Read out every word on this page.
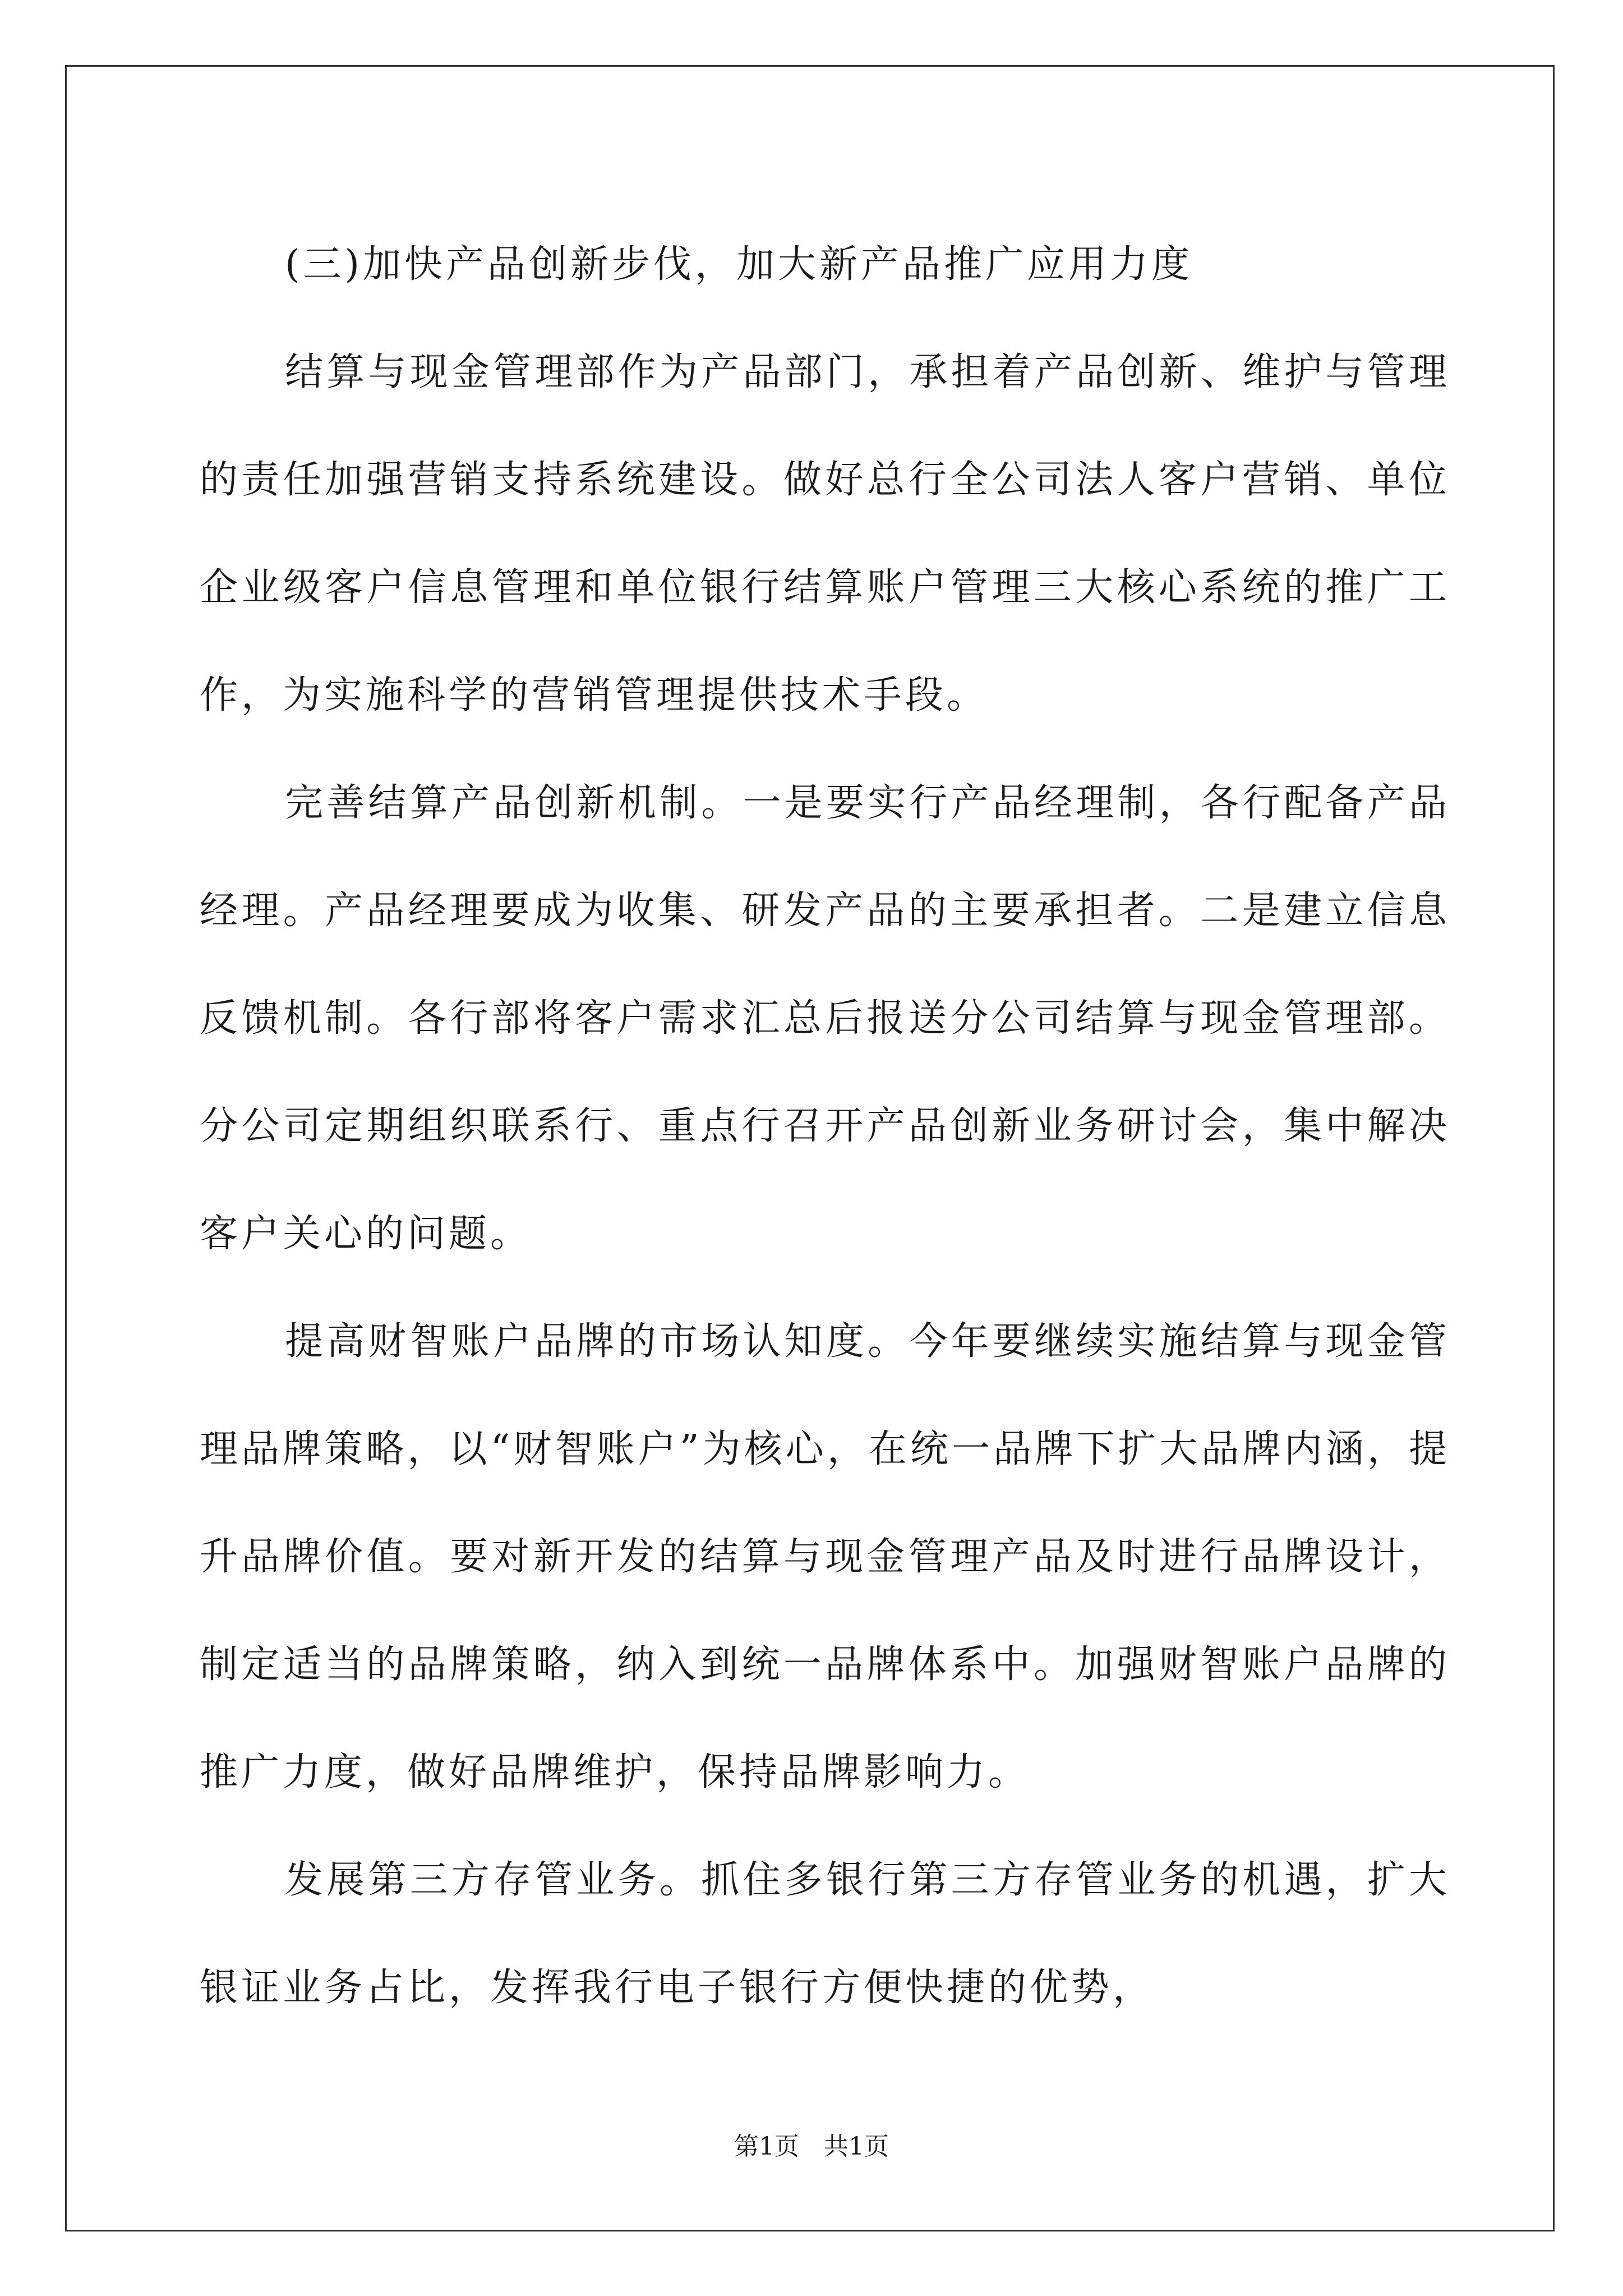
(三)加快产品创新步伐，加大新产品推广应用力度

结算与现金管理部作为产品部门，承担着产品创新、维护与管理的责任加强营销支持系统建设。做好总行全公司法人客户营销、单位企业级客户信息管理和单位银行结算账户管理三大核心系统的推广工作，为实施科学的营销管理提供技术手段。

完善结算产品创新机制。一是要实行产品经理制，各行配备产品经理。产品经理要成为收集、研发产品的主要承担者。二是建立信息反馈机制。各行部将客户需求汇总后报送分公司结算与现金管理部。分公司定期组织联系行、重点行召开产品创新业务研讨会，集中解决客户关心的问题。

提高财智账户品牌的市场认知度。今年要继续实施结算与现金管理品牌策略，以“财智账户”为核心，在统一品牌下扩大品牌内涵，提升品牌价值。要对新开发的结算与现金管理产品及时进行品牌设计，制定适当的品牌策略，纳入到统一品牌体系中。加强财智账户品牌的推广力度，做好品牌维护，保持品牌影响力。

发展第三方存管业务。抓住多银行第三方存管业务的机遇，扩大银证业务占比，发挥我行电子银行方便快捷的优势，

第1页　共1页
